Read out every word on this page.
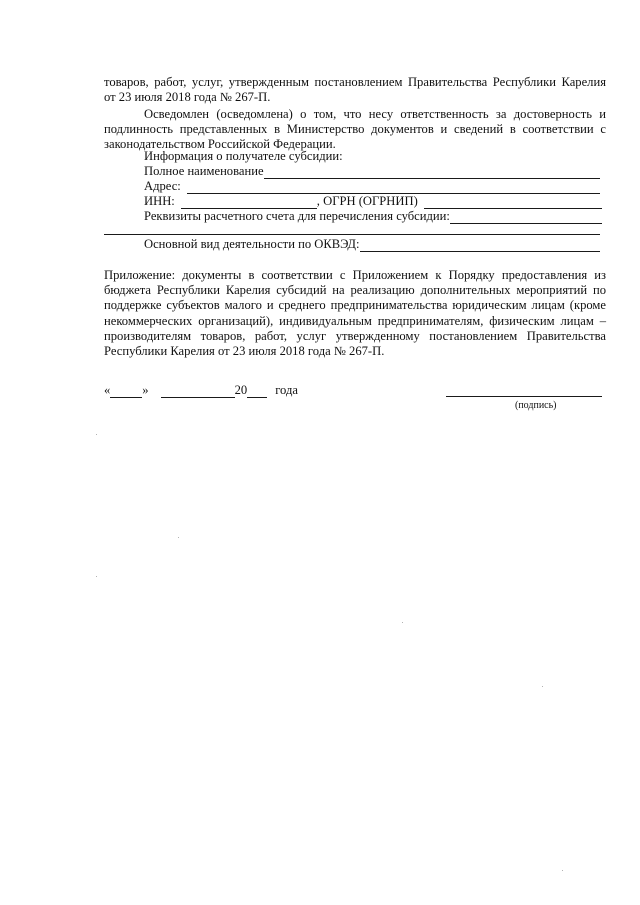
товаров, работ, услуг, утвержденным постановлением Правительства Республики Карелия
от 23 июля 2018 года № 267-П.
Осведомлен (осведомлена) о том, что несу ответственность за достоверность и подлинность представленных в Министерство документов и сведений в соответствии с законодательством Российской Федерации.
Информация о получателе субсидии:
Полное наименование
Адрес:
ИНН:	, ОГРН (ОГРНИП)
Реквизиты расчетного счета для перечисления субсидии:
Основной вид деятельности по ОКВЭД:
Приложение: документы в соответствии с Приложением к Порядку предоставления из бюджета Республики Карелия субсидий на реализацию дополнительных мероприятий по поддержке субъектов малого и среднего предпринимательства юридическим лицам (кроме некоммерческих организаций), индивидуальным предпринимателям, физическим лицам – производителям товаров, работ, услуг утвержденному постановлением Правительства Республики Карелия от 23 июля 2018 года № 267-П.
«	»	20 года
(подпись)
